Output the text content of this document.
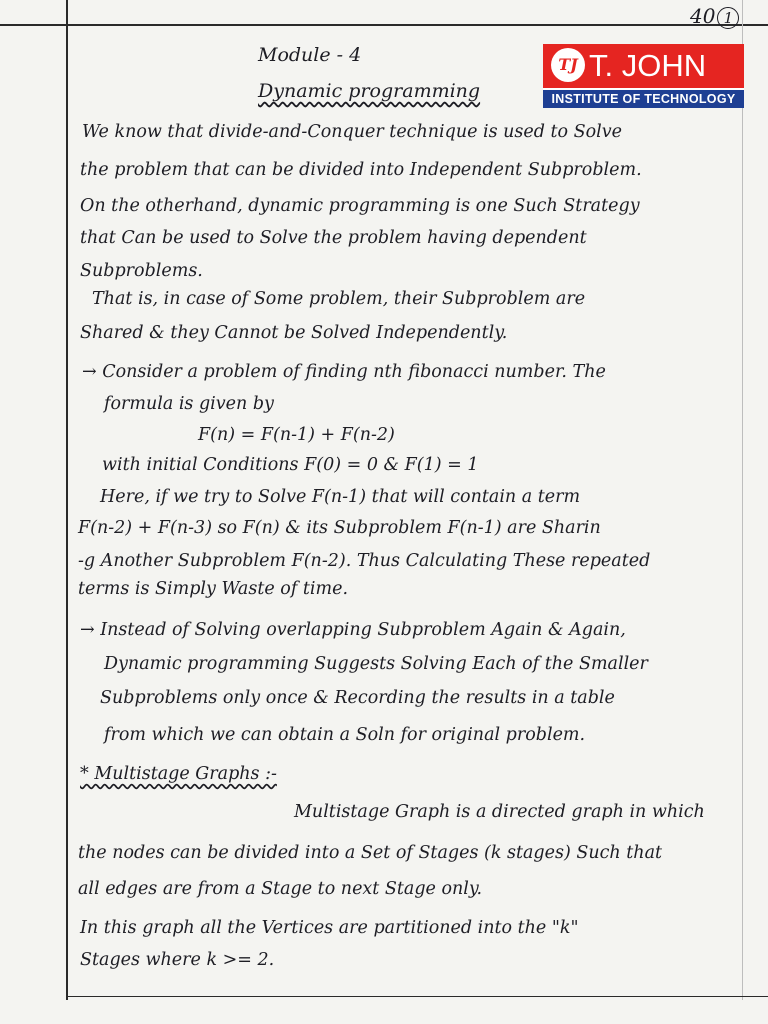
40 1
TJ T. JOHN
INSTITUTE OF TECHNOLOGY
Module - 4
Dynamic programming
We know that divide-and-Conquer technique is used to Solve
the problem that can be divided into Independent Subproblem.
On the otherhand, dynamic programming is one Such Strategy
that Can be used to Solve the problem having dependent
Subproblems.
That is, in case of Some problem, their Subproblem are
Shared & they Cannot be Solved Independently.
→ Consider a problem of finding nth fibonacci number. The
formula is given by
F(n) = F(n-1) + F(n-2)
with initial Conditions F(0) = 0 & F(1) = 1
Here, if we try to Solve F(n-1) that will contain a term
F(n-2) + F(n-3) so F(n) & its Subproblem F(n-1) are Sharin
-g Another Subproblem F(n-2). Thus Calculating These repeated
terms is Simply Waste of time.
→ Instead of Solving overlapping Subproblem Again & Again,
Dynamic programming Suggests Solving Each of the Smaller
Subproblems only once & Recording the results in a table
from which we can obtain a Soln for original problem.
* Multistage Graphs :-
Multistage Graph is a directed graph in which
the nodes can be divided into a Set of Stages (k stages) Such that
all edges are from a Stage to next Stage only.
In this graph all the Vertices are partitioned into the "k"
Stages where k >= 2.
